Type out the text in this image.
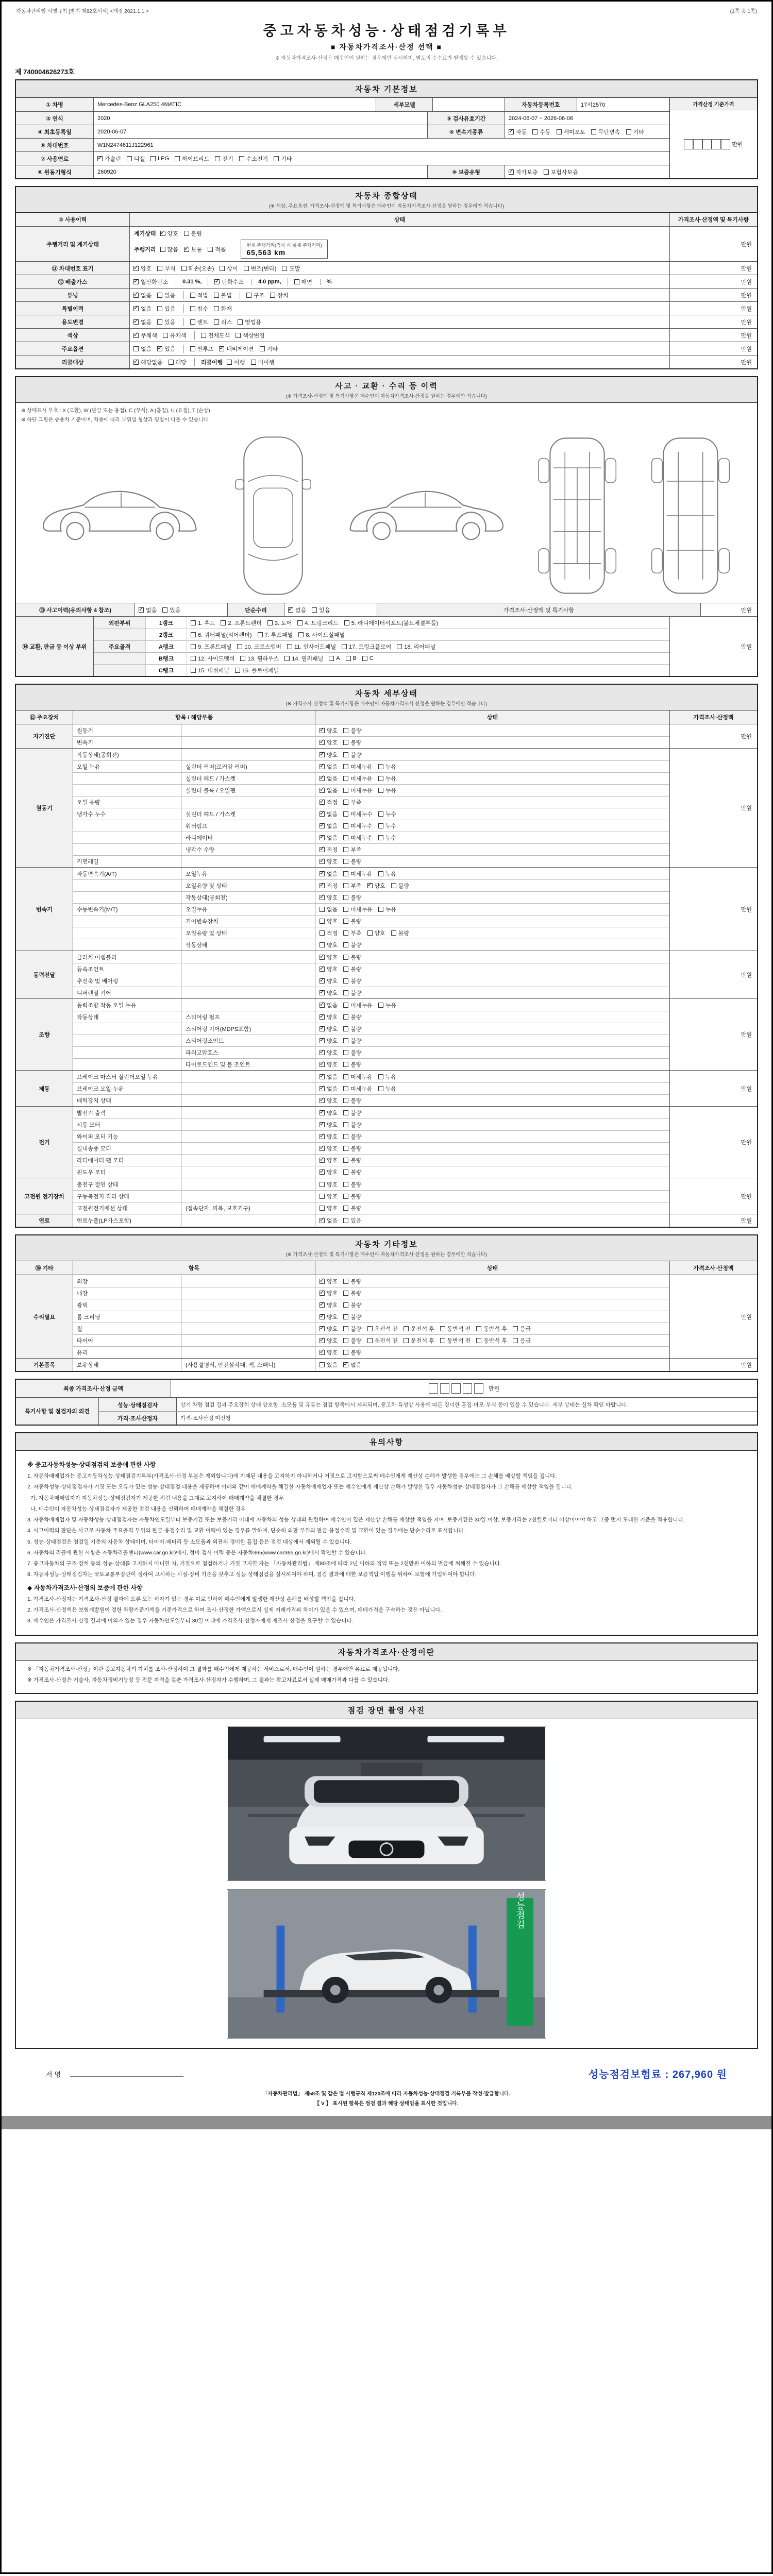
자동차관리법 시행규칙 [별지 제82호서식] <개정 2021.1.1.>	(1쪽 중 1쪽)
중고자동차성능·상태점검기록부
■ 자동차가격조사·산정 선택 ■
※ 자동차가격조사·산정은 매수인이 원하는 경우에만 실시하며, 별도의 수수료가 발생할 수 있습니다.
제 740004626273호
자동차 기본정보
① 차명	Mercedes-Benz GLA250 4MATIC	세부모델	자동차등록번호	17서2570
② 연식	2020	③ 검사유효기간	2024-06-07 ~ 2026-06-06
④ 최초등록일	2020-06-07	⑤ 변속기종류 ✓	자동 수동 세미오토 무단변속 기타
⑥ 차대번호	W1N2474611J122961
⑦ 사용연료 ✓	가솔린 디젤 LPG 하이브리드 전기 수소전기 기타
⑧ 원동기형식	260920	⑨ 보증유형 ✓	자가보증 보험사보증
가격산정 기준가격
만원
자동차 종합상태
(※ 색상, 주요옵션, 가격조사·산정액 및 특기사항은 매수인이 자동차가격조사·산정을 원하는 경우에만 적습니다)
⑩ 사용이력	상태	가격조사·산정액 및 특기사항
주행거리 및 계기상태
계기상태 ✓ 양호 불량
주행거리 많음 ✓ 보통 적음
현재 주행거리(검사 시 실제 주행거리)
65,563 km
만원
⑪ 차대번호 표기 ✓	양호 부식 훼손(오손) 상이 변조(변타) 도말	만원
⑫ 배출가스 ✓	일산화탄소	0.31 %, ✓	탄화수소	4.0 ppm,	매연	%	만원
튜닝 ✓	없음 있음	적법 불법	구조 장치	만원
특별이력 ✓	없음 있음	침수 화재	만원
용도변경 ✓	없음 있음	렌트 리스 영업용	만원
색상 ✓	무채색 유채색	전체도색 색상변경	만원
주요옵션	없음 ✓ 있음	썬루프 ✓ 네비게이션 기타	만원
리콜대상 ✓	해당없음 해당	리콜이행 이행 미이행	만원
사고 · 교환 · 수리 등 이력
(※ 가격조사·산정액 및 특기사항은 매수인이 자동차가격조사·산정을 원하는 경우에만 적습니다)

※ 상태표시 부호 : X (교환), W (판금 또는 용접), C (부식), A (흠집), U (요철), T (손상)

※ 하단 그림은 승용차 기준이며, 차종에 따라 부위별 형상과 명칭이 다를 수 있습니다.

⑬ 사고이력(유의사항 4 참조) ✓	없음 있음	단순수리 ✓	없음 있음	가격조사·산정액 및 특기사항	만원
⑭ 교환, 판금 등 이상 부위
외판부위	1랭크	1. 후드 2. 프론트펜더 3. 도어 4. 트렁크리드 5. 라디에이터서포트(볼트체결부품)
2랭크	6. 쿼터패널(리어펜더) 7. 루프패널 8. 사이드실패널
주요골격	A랭크	9. 프론트패널 10. 크로스멤버 11. 인사이드패널 17. 트렁크플로어 18. 리어패널
B랭크	12. 사이드멤버 13. 휠하우스 14. 필러패널 A B C
C랭크	15. 대쉬패널 16. 플로어패널
만원
자동차 세부상태
(※ 가격조사·산정액 및 특기사항은 매수인이 자동차가격조사·산정을 원하는 경우에만 적습니다)
⑮ 주요장치	항목 / 해당부품	상태	가격조사·산정액
자기진단
원동기 ✓	양호 불량
변속기 ✓	양호 불량
만원
원동기
작동상태(공회전) ✓	양호 불량
오일 누유	실린더 커버(로커암 커버) ✓	없음 미세누유 누유
실린더 헤드 / 가스켓 ✓	없음 미세누유 누유
실린더 블록 / 오일팬 ✓	없음 미세누유 누유
오일 유량 ✓	적정 부족
냉각수 누수	실린더 헤드 / 가스켓 ✓	없음 미세누수 누수
워터펌프 ✓	없음 미세누수 누수
라디에이터 ✓	없음 미세누수 누수
냉각수 수량 ✓	적정 부족
커먼레일 ✓	양호 불량
만원
변속기
자동변속기(A/T)	오일누유 ✓	없음 미세누유 누유
오일유량 및 상태 ✓	적정 부족 ✓ 양호 불량
작동상태(공회전) ✓	양호 불량
수동변속기(M/T)	오일누유	없음 미세누유 누유
기어변속장치	양호 불량
오일유량 및 상태	적정 부족 양호 불량
작동상태	양호 불량
만원
동력전달
클러치 어셈블리 ✓	양호 불량
등속조인트 ✓	양호 불량
추진축 및 베어링 ✓	양호 불량
디퍼렌셜 기어 ✓	양호 불량
만원
조향
동력조향 작동 오일 누유 ✓	없음 미세누유 누유
작동상태	스티어링 펌프 ✓	양호 불량
스티어링 기어(MDPS포함) ✓	양호 불량
스티어링조인트 ✓	양호 불량
파워고압호스 ✓	양호 불량
타이로드엔드 및 볼 조인트 ✓	양호 불량
만원
제동
브레이크 마스터 실린더오일 누유 ✓	없음 미세누유 누유
브레이크 오일 누유 ✓	없음 미세누유 누유
배력장치 상태 ✓	양호 불량
만원
전기
발전기 출력 ✓	양호 불량
시동 모터 ✓	양호 불량
와이퍼 모터 기능 ✓	양호 불량
실내송풍 모터 ✓	양호 불량
라디에이터 팬 모터 ✓	양호 불량
윈도우 모터 ✓	양호 불량
만원
고전원 전기장치
충전구 절연 상태	양호 불량
구동축전지 격리 상태	양호 불량
고전원전기배선 상태	(접속단자, 피복, 보호기구)	양호 불량
만원
연료	연료누출(LP가스포함) ✓	없음 있음	만원
자동차 기타정보
(※ 가격조사·산정액 및 특기사항은 매수인이 자동차가격조사·산정을 원하는 경우에만 적습니다)
⑯ 기타	항목	상태	가격조사·산정액
수리필요
외장 ✓	양호 불량
내장 ✓	양호 불량
광택 ✓	양호 불량
룸 크리닝 ✓	양호 불량
휠 ✓	양호 불량 운전석 전 운전석 후 동반석 전 동반석 후 응급
타이어 ✓	양호 불량 운전석 전 운전석 후 동반석 전 동반석 후 응급
유리 ✓	양호 불량
만원
기본품목	보유상태	(사용설명서, 안전삼각대, 잭, 스패너)	있음 ✓ 없음	만원
최종 가격조사·산정 금액	만원
특기사항 및 점검자의 의견
성능·상태점검자	상기 차량 점검 결과 주요장치 상태 양호함. 소모품 및 유류는 점검 항목에서 제외되며, 중고차 특성상 사용에 따른 경미한 흠집·마모·부식 등이 있을 수 있습니다. 세부 상태는 실차 확인 바랍니다.
가격·조사산정자	가격·조사산정 미신청
유의사항
※ 중고자동차성능·상태점검의 보증에 관한 사항

1. 자동차매매업자는 중고자동차성능·상태점검기록부(가격조사·산정 부분은 제외합니다)에 기재된 내용을 고지하지 아니하거나 거짓으로 고지함으로써 매수인에게 재산상 손해가 발생한 경우에는 그 손해를 배상할 책임을 집니다.

2. 자동차성능·상태점검자가 거짓 또는 오류가 있는 성능·상태점검 내용을 제공하여 아래와 같이 매매계약을 체결한 자동차매매업자 또는 매수인에게 재산상 손해가 발생한 경우 자동차성능·상태점검자가 그 손해를 배상할 책임을 집니다.

가. 자동차매매업자가 자동차성능·상태점검자가 제공한 점검 내용을 그대로 고지하여 매매계약을 체결한 경우

나. 매수인이 자동차성능·상태점검자가 제공한 점검 내용을 신뢰하여 매매계약을 체결한 경우

3. 자동차매매업자 및 자동차성능·상태점검자는 자동차인도일부터 보증기간 또는 보증거리 이내에 자동차의 성능·상태와 관련하여 매수인이 입은 재산상 손해를 배상할 책임을 지며, 보증기간은 30일 이상, 보증거리는 2천킬로미터 이상이어야 하고 그중 먼저 도래한 기준을 적용합니다.

4. 사고이력의 판단은 사고로 자동차 주요골격 부위의 판금·용접수리 및 교환 이력이 있는 경우를 말하며, 단순히 외판 부위의 판금·용접수리 및 교환이 있는 경우에는 단순수리로 표시합니다.

5. 성능·상태점검은 점검일 기준의 자동차 상태이며, 타이어·배터리 등 소모품과 외관의 경미한 흠집 등은 점검 대상에서 제외될 수 있습니다.

6. 자동차의 리콜에 관한 사항은 자동차리콜센터(www.car.go.kr)에서, 정비·검사 이력 등은 자동차365(www.car365.go.kr)에서 확인할 수 있습니다.

7. 중고자동차의 구조·장치 등의 성능·상태를 고지하지 아니한 자, 거짓으로 점검하거나 거짓 고지한 자는 「자동차관리법」 제80조에 따라 2년 이하의 징역 또는 2천만원 이하의 벌금에 처해질 수 있습니다.

8. 자동차성능·상태점검자는 국토교통부장관이 정하여 고시하는 시설·장비 기준을 갖추고 성능·상태점검을 실시하여야 하며, 점검 결과에 대한 보증책임 이행을 위하여 보험에 가입하여야 합니다.

◆ 자동차가격조사·산정의 보증에 관한 사항

1. 가격조사·산정자는 가격조사·산정 결과에 오류 또는 하자가 있는 경우 이로 인하여 매수인에게 발생한 재산상 손해를 배상할 책임을 집니다.

2. 가격조사·산정액은 보험개발원이 정한 차량기준가액을 기준가격으로 하여 조사·산정한 가액으로서 실제 거래가격과 차이가 있을 수 있으며, 매매가격을 구속하는 것은 아닙니다.

3. 매수인은 가격조사·산정 결과에 이의가 있는 경우 자동차인도일부터 30일 이내에 가격조사·산정자에게 재조사·산정을 요구할 수 있습니다.

자동차가격조사·산정이란

※ 「자동차가격조사·산정」이란 중고자동차의 가치를 조사·산정하여 그 결과를 매수인에게 제공하는 서비스로서, 매수인이 원하는 경우에만 유료로 제공됩니다.

※ 가격조사·산정은 기술사, 자동차정비기능장 등 전문 자격을 갖춘 가격조사·산정자가 수행하며, 그 결과는 참고자료로서 실제 매매가격과 다를 수 있습니다.

점검 장면 촬영 사진
성능점검
서명	성능점검보험료 : 267,960 원

「자동차관리법」 제58조 및 같은 법 시행규칙 제120조에 따라 자동차성능·상태점검 기록부를 작성·발급합니다.

【 V 】 표시된 항목은 점검 결과 해당 상태임을 표시한 것입니다.
